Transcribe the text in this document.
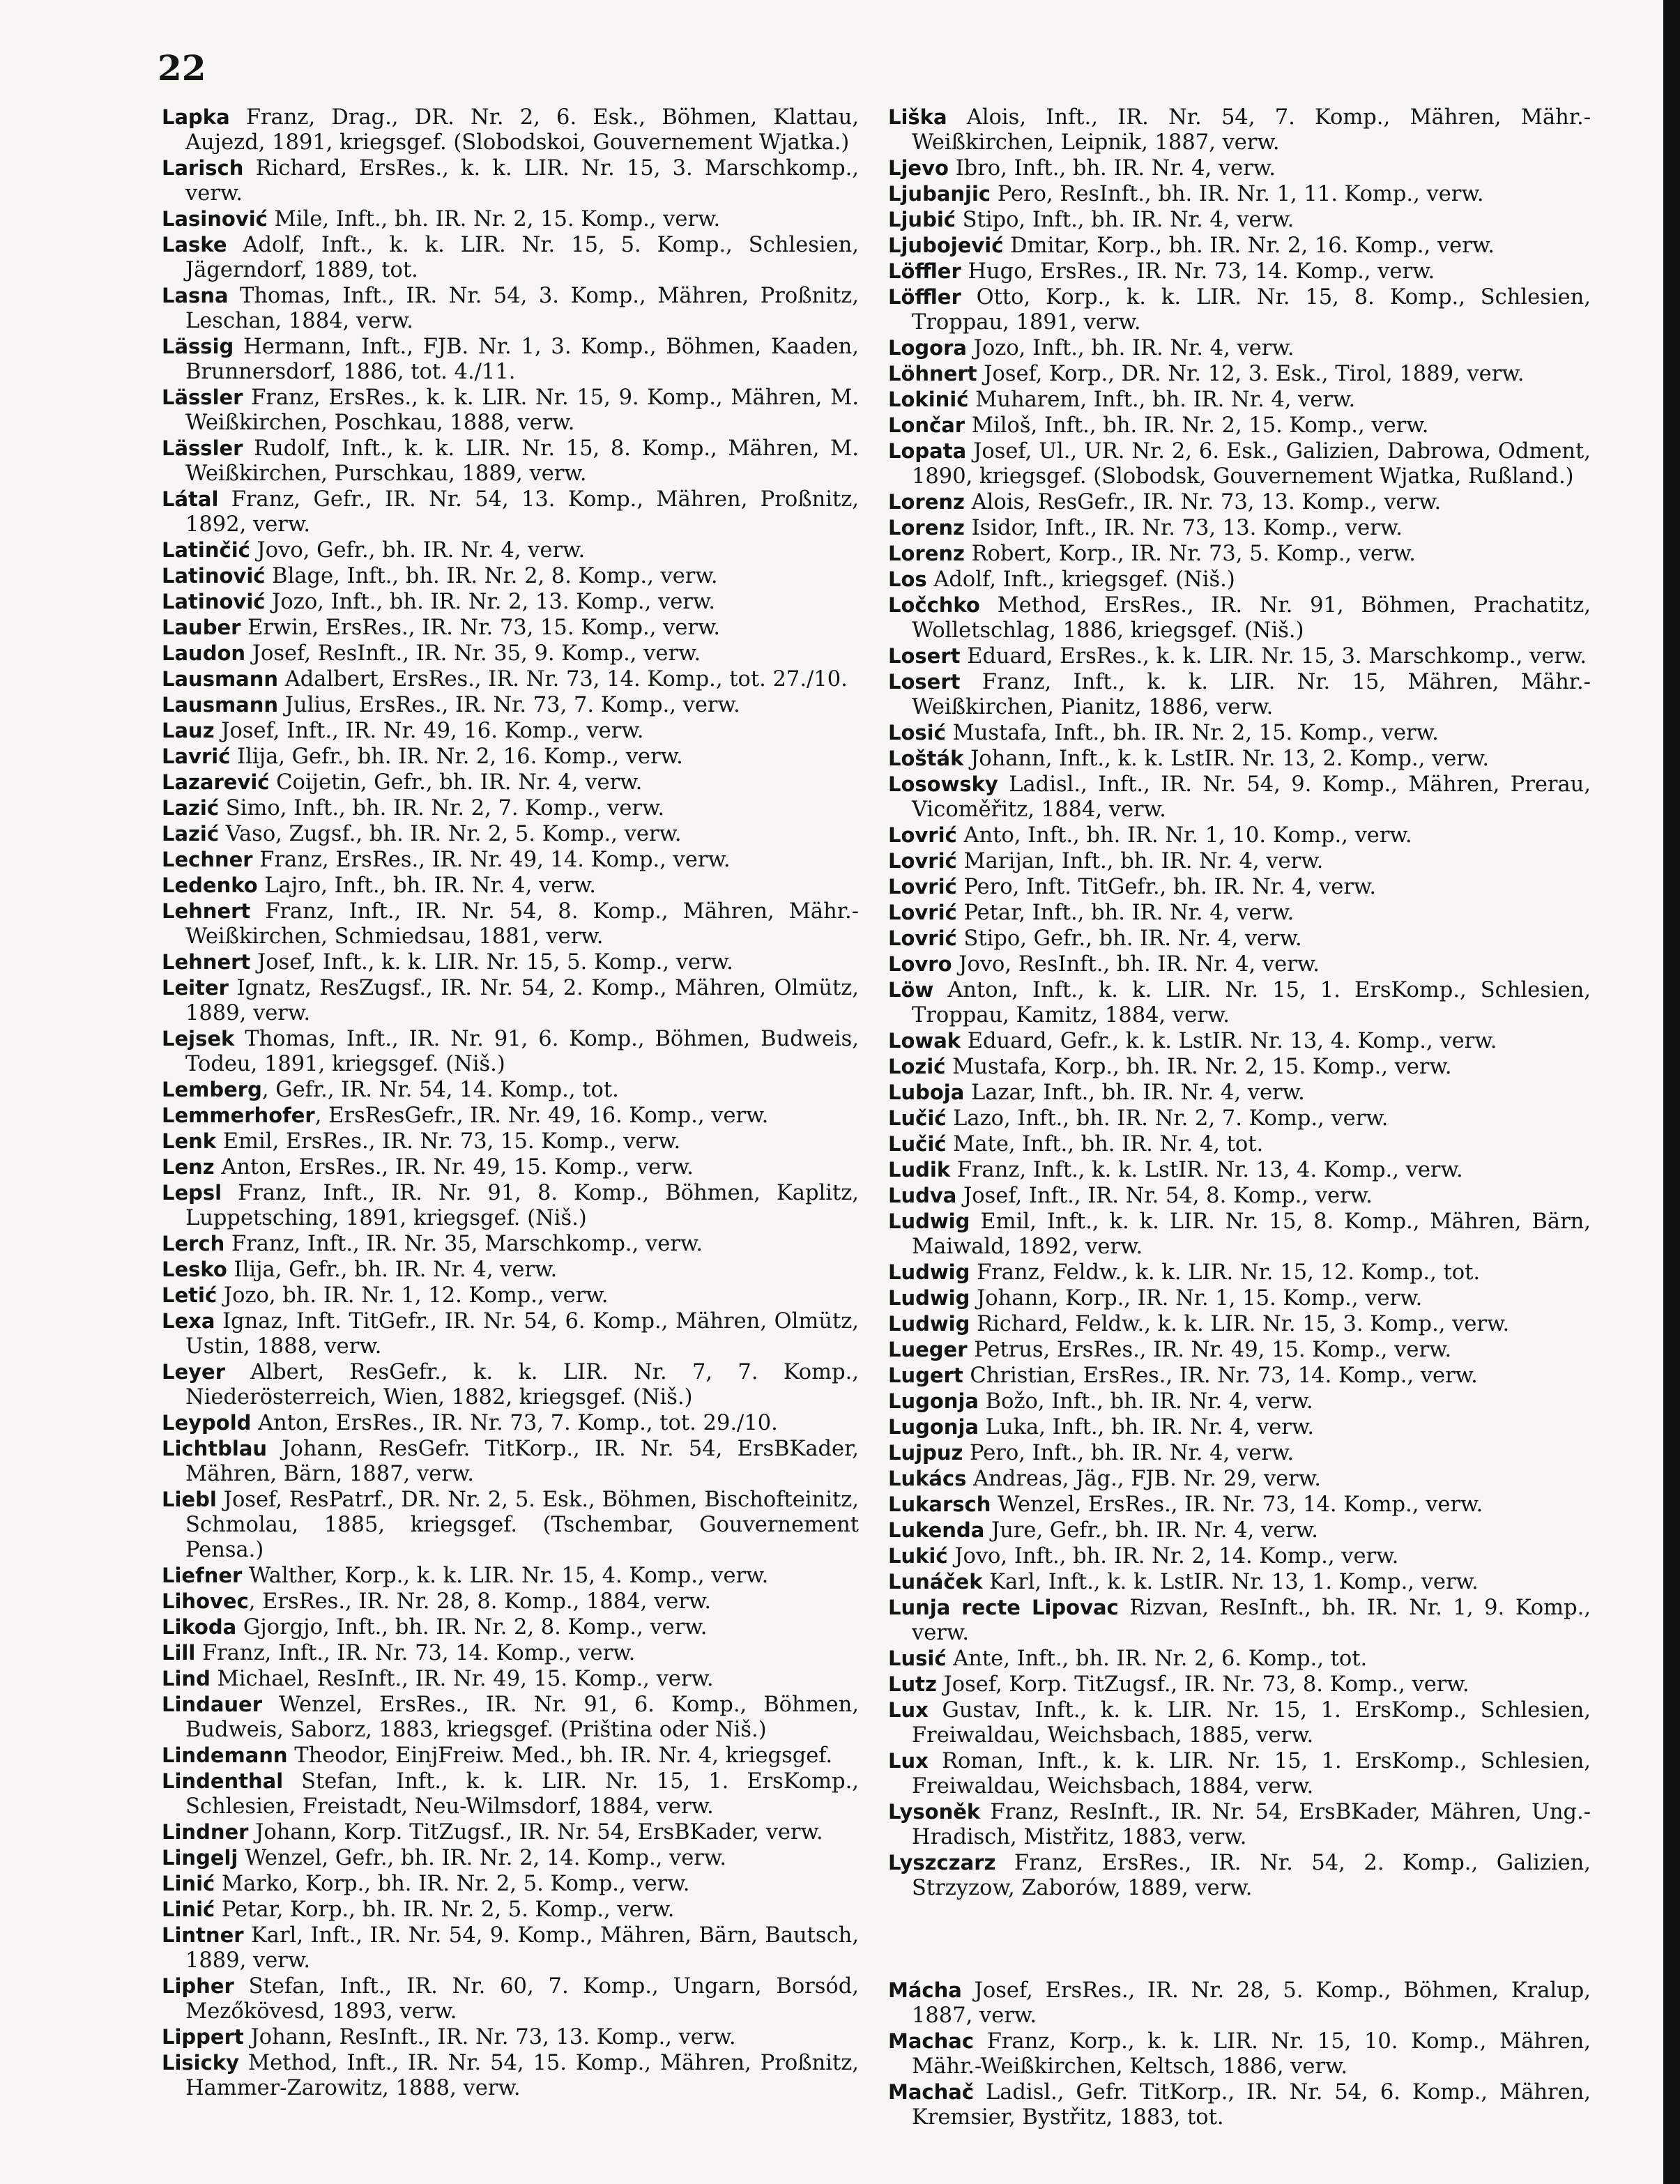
22

Lapka Franz, Drag., DR. Nr. 2, 6. Esk., Böhmen, Klattau, Aujezd, 1891, kriegsgef. (Slobodskoi, Gouvernement Wjatka.)

Larisch Richard, ErsRes., k. k. LIR. Nr. 15, 3. Marschkomp., verw.

Lasinović Mile, Inft., bh. IR. Nr. 2, 15. Komp., verw.

Laske Adolf, Inft., k. k. LIR. Nr. 15, 5. Komp., Schlesien, Jägerndorf, 1889, tot.

Lasna Thomas, Inft., IR. Nr. 54, 3. Komp., Mähren, Proßnitz, Leschan, 1884, verw.

Lässig Hermann, Inft., FJB. Nr. 1, 3. Komp., Böhmen, Kaaden, Brunnersdorf, 1886, tot. 4./11.

Lässler Franz, ErsRes., k. k. LIR. Nr. 15, 9. Komp., Mähren, M. Weißkirchen, Poschkau, 1888, verw.

Lässler Rudolf, Inft., k. k. LIR. Nr. 15, 8. Komp., Mähren, M. Weißkirchen, Purschkau, 1889, verw.

Látal Franz, Gefr., IR. Nr. 54, 13. Komp., Mähren, Proßnitz, 1892, verw.

Latinčić Jovo, Gefr., bh. IR. Nr. 4, verw.

Latinović Blage, Inft., bh. IR. Nr. 2, 8. Komp., verw.

Latinović Jozo, Inft., bh. IR. Nr. 2, 13. Komp., verw.

Lauber Erwin, ErsRes., IR. Nr. 73, 15. Komp., verw.

Laudon Josef, ResInft., IR. Nr. 35, 9. Komp., verw.

Lausmann Adalbert, ErsRes., IR. Nr. 73, 14. Komp., tot. 27./10.

Lausmann Julius, ErsRes., IR. Nr. 73, 7. Komp., verw.

Lauz Josef, Inft., IR. Nr. 49, 16. Komp., verw.

Lavrić Ilija, Gefr., bh. IR. Nr. 2, 16. Komp., verw.

Lazarević Coijetin, Gefr., bh. IR. Nr. 4, verw.

Lazić Simo, Inft., bh. IR. Nr. 2, 7. Komp., verw.

Lazić Vaso, Zugsf., bh. IR. Nr. 2, 5. Komp., verw.

Lechner Franz, ErsRes., IR. Nr. 49, 14. Komp., verw.

Ledenko Lajro, Inft., bh. IR. Nr. 4, verw.

Lehnert Franz, Inft., IR. Nr. 54, 8. Komp., Mähren, Mähr.-Weißkirchen, Schmiedsau, 1881, verw.

Lehnert Josef, Inft., k. k. LIR. Nr. 15, 5. Komp., verw.

Leiter Ignatz, ResZugsf., IR. Nr. 54, 2. Komp., Mähren, Olmütz, 1889, verw.

Lejsek Thomas, Inft., IR. Nr. 91, 6. Komp., Böhmen, Budweis, Todeu, 1891, kriegsgef. (Niš.)

Lemberg, Gefr., IR. Nr. 54, 14. Komp., tot.

Lemmerhofer, ErsResGefr., IR. Nr. 49, 16. Komp., verw.

Lenk Emil, ErsRes., IR. Nr. 73, 15. Komp., verw.

Lenz Anton, ErsRes., IR. Nr. 49, 15. Komp., verw.

Lepsl Franz, Inft., IR. Nr. 91, 8. Komp., Böhmen, Kaplitz, Luppetsching, 1891, kriegsgef. (Niš.)

Lerch Franz, Inft., IR. Nr. 35, Marschkomp., verw.

Lesko Ilija, Gefr., bh. IR. Nr. 4, verw.

Letić Jozo, bh. IR. Nr. 1, 12. Komp., verw.

Lexa Ignaz, Inft. TitGefr., IR. Nr. 54, 6. Komp., Mähren, Olmütz, Ustin, 1888, verw.

Leyer Albert, ResGefr., k. k. LIR. Nr. 7, 7. Komp., Niederösterreich, Wien, 1882, kriegsgef. (Niš.)

Leypold Anton, ErsRes., IR. Nr. 73, 7. Komp., tot. 29./10.

Lichtblau Johann, ResGefr. TitKorp., IR. Nr. 54, ErsBKader, Mähren, Bärn, 1887, verw.

Liebl Josef, ResPatrf., DR. Nr. 2, 5. Esk., Böhmen, Bischofteinitz, Schmolau, 1885, kriegsgef. (Tschembar, Gouvernement Pensa.)

Liefner Walther, Korp., k. k. LIR. Nr. 15, 4. Komp., verw.

Lihovec, ErsRes., IR. Nr. 28, 8. Komp., 1884, verw.

Likoda Gjorgjo, Inft., bh. IR. Nr. 2, 8. Komp., verw.

Lill Franz, Inft., IR. Nr. 73, 14. Komp., verw.

Lind Michael, ResInft., IR. Nr. 49, 15. Komp., verw.

Lindauer Wenzel, ErsRes., IR. Nr. 91, 6. Komp., Böhmen, Budweis, Saborz, 1883, kriegsgef. (Priština oder Niš.)

Lindemann Theodor, EinjFreiw. Med., bh. IR. Nr. 4, kriegsgef.

Lindenthal Stefan, Inft., k. k. LIR. Nr. 15, 1. ErsKomp., Schlesien, Freistadt, Neu-Wilmsdorf, 1884, verw.

Lindner Johann, Korp. TitZugsf., IR. Nr. 54, ErsBKader, verw.

Lingelj Wenzel, Gefr., bh. IR. Nr. 2, 14. Komp., verw.

Linić Marko, Korp., bh. IR. Nr. 2, 5. Komp., verw.

Linić Petar, Korp., bh. IR. Nr. 2, 5. Komp., verw.

Lintner Karl, Inft., IR. Nr. 54, 9. Komp., Mähren, Bärn, Bautsch, 1889, verw.

Lipher Stefan, Inft., IR. Nr. 60, 7. Komp., Ungarn, Borsód, Mezőkövesd, 1893, verw.

Lippert Johann, ResInft., IR. Nr. 73, 13. Komp., verw.

Lisicky Method, Inft., IR. Nr. 54, 15. Komp., Mähren, Proßnitz, Hammer-Zarowitz, 1888, verw.

Liška Alois, Inft., IR. Nr. 54, 7. Komp., Mähren, Mähr.-Weißkirchen, Leipnik, 1887, verw.

Ljevo Ibro, Inft., bh. IR. Nr. 4, verw.

Ljubanjic Pero, ResInft., bh. IR. Nr. 1, 11. Komp., verw.

Ljubić Stipo, Inft., bh. IR. Nr. 4, verw.

Ljubojević Dmitar, Korp., bh. IR. Nr. 2, 16. Komp., verw.

Löffler Hugo, ErsRes., IR. Nr. 73, 14. Komp., verw.

Löffler Otto, Korp., k. k. LIR. Nr. 15, 8. Komp., Schlesien, Troppau, 1891, verw.

Logora Jozo, Inft., bh. IR. Nr. 4, verw.

Löhnert Josef, Korp., DR. Nr. 12, 3. Esk., Tirol, 1889, verw.

Lokinić Muharem, Inft., bh. IR. Nr. 4, verw.

Lončar Miloš, Inft., bh. IR. Nr. 2, 15. Komp., verw.

Lopata Josef, Ul., UR. Nr. 2, 6. Esk., Galizien, Dabrowa, Odment, 1890, kriegsgef. (Slobodsk, Gouvernement Wjatka, Rußland.)

Lorenz Alois, ResGefr., IR. Nr. 73, 13. Komp., verw.

Lorenz Isidor, Inft., IR. Nr. 73, 13. Komp., verw.

Lorenz Robert, Korp., IR. Nr. 73, 5. Komp., verw.

Los Adolf, Inft., kriegsgef. (Niš.)

Ločchko Method, ErsRes., IR. Nr. 91, Böhmen, Prachatitz, Wolletschlag, 1886, kriegsgef. (Niš.)

Losert Eduard, ErsRes., k. k. LIR. Nr. 15, 3. Marschkomp., verw.

Losert Franz, Inft., k. k. LIR. Nr. 15, Mähren, Mähr.-Weißkirchen, Pianitz, 1886, verw.

Losić Mustafa, Inft., bh. IR. Nr. 2, 15. Komp., verw.

Lošták Johann, Inft., k. k. LstIR. Nr. 13, 2. Komp., verw.

Losowsky Ladisl., Inft., IR. Nr. 54, 9. Komp., Mähren, Prerau, Vicoměřitz, 1884, verw.

Lovrić Anto, Inft., bh. IR. Nr. 1, 10. Komp., verw.

Lovrić Marijan, Inft., bh. IR. Nr. 4, verw.

Lovrić Pero, Inft. TitGefr., bh. IR. Nr. 4, verw.

Lovrić Petar, Inft., bh. IR. Nr. 4, verw.

Lovrić Stipo, Gefr., bh. IR. Nr. 4, verw.

Lovro Jovo, ResInft., bh. IR. Nr. 4, verw.

Löw Anton, Inft., k. k. LIR. Nr. 15, 1. ErsKomp., Schlesien, Troppau, Kamitz, 1884, verw.

Lowak Eduard, Gefr., k. k. LstIR. Nr. 13, 4. Komp., verw.

Lozić Mustafa, Korp., bh. IR. Nr. 2, 15. Komp., verw.

Luboja Lazar, Inft., bh. IR. Nr. 4, verw.

Lučić Lazo, Inft., bh. IR. Nr. 2, 7. Komp., verw.

Lučić Mate, Inft., bh. IR. Nr. 4, tot.

Ludik Franz, Inft., k. k. LstIR. Nr. 13, 4. Komp., verw.

Ludva Josef, Inft., IR. Nr. 54, 8. Komp., verw.

Ludwig Emil, Inft., k. k. LIR. Nr. 15, 8. Komp., Mähren, Bärn, Maiwald, 1892, verw.

Ludwig Franz, Feldw., k. k. LIR. Nr. 15, 12. Komp., tot.

Ludwig Johann, Korp., IR. Nr. 1, 15. Komp., verw.

Ludwig Richard, Feldw., k. k. LIR. Nr. 15, 3. Komp., verw.

Lueger Petrus, ErsRes., IR. Nr. 49, 15. Komp., verw.

Lugert Christian, ErsRes., IR. Nr. 73, 14. Komp., verw.

Lugonja Božo, Inft., bh. IR. Nr. 4, verw.

Lugonja Luka, Inft., bh. IR. Nr. 4, verw.

Lujpuz Pero, Inft., bh. IR. Nr. 4, verw.

Lukács Andreas, Jäg., FJB. Nr. 29, verw.

Lukarsch Wenzel, ErsRes., IR. Nr. 73, 14. Komp., verw.

Lukenda Jure, Gefr., bh. IR. Nr. 4, verw.

Lukić Jovo, Inft., bh. IR. Nr. 2, 14. Komp., verw.

Lunáček Karl, Inft., k. k. LstIR. Nr. 13, 1. Komp., verw.

Lunja recte Lipovac Rizvan, ResInft., bh. IR. Nr. 1, 9. Komp., verw.

Lusić Ante, Inft., bh. IR. Nr. 2, 6. Komp., tot.

Lutz Josef, Korp. TitZugsf., IR. Nr. 73, 8. Komp., verw.

Lux Gustav, Inft., k. k. LIR. Nr. 15, 1. ErsKomp., Schlesien, Freiwaldau, Weichsbach, 1885, verw.

Lux Roman, Inft., k. k. LIR. Nr. 15, 1. ErsKomp., Schlesien, Freiwaldau, Weichsbach, 1884, verw.

Lysoněk Franz, ResInft., IR. Nr. 54, ErsBKader, Mähren, Ung.-Hradisch, Mistřitz, 1883, verw.

Lyszczarz Franz, ErsRes., IR. Nr. 54, 2. Komp., Galizien, Strzyzow, Zaborów, 1889, verw.

Mácha Josef, ErsRes., IR. Nr. 28, 5. Komp., Böhmen, Kralup, 1887, verw.

Machac Franz, Korp., k. k. LIR. Nr. 15, 10. Komp., Mähren, Mähr.-Weißkirchen, Keltsch, 1886, verw.

Machač Ladisl., Gefr. TitKorp., IR. Nr. 54, 6. Komp., Mähren, Kremsier, Bystřitz, 1883, tot.
